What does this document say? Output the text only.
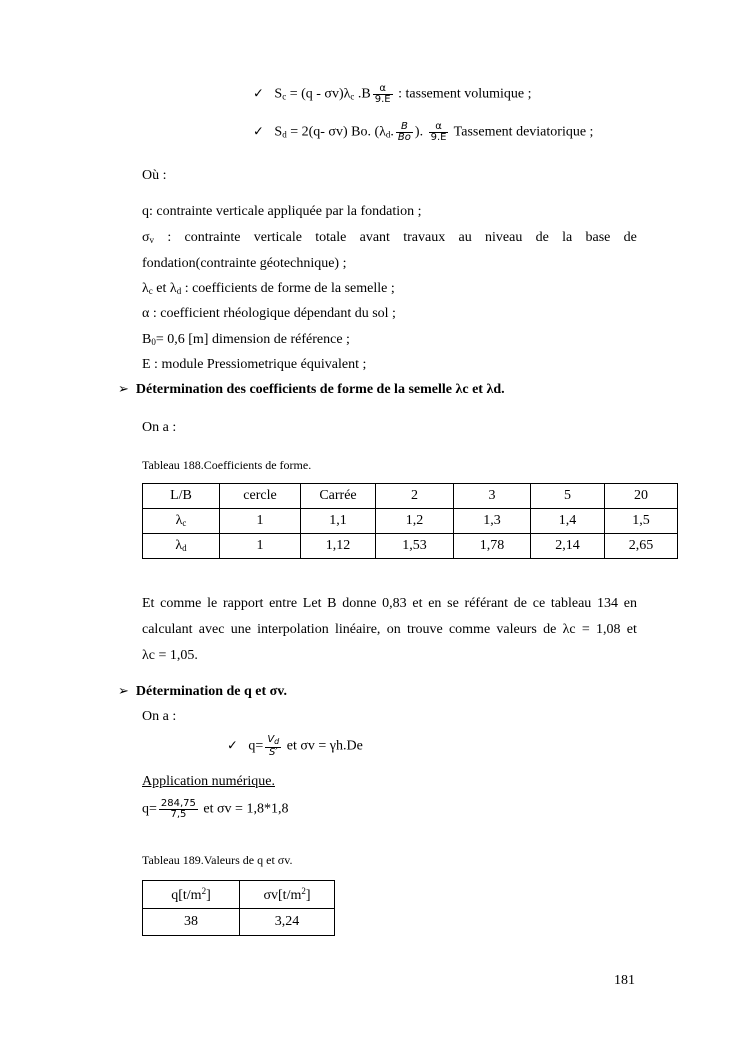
✓ $S_c = (q - \sigma v)\lambda_c$ $.B \frac{\alpha}{9.E}$ : tassement volumique ;
✓ $S_d = 2(q-$ σv) Bo. ($\lambda_d$. $\frac{B}{Bo}$ ). $\frac{\alpha}{9.E}$ Tassement deviatorique ;
Où :
q: contrainte verticale appliquée par la fondation ;
$\sigma_v$ : contrainte verticale totale avant travaux au niveau de la base de
fondation(contrainte géotechnique) ;
$\lambda_c$ et $\lambda_d$ : coefficients de forme de la semelle ;
α : coefficient rhéologique dépendant du sol ;
$B_0= 0,6$ [m] dimension de référence ;
E : module Pressiometrique équivalent ;
➢ Détermination des coefficients de forme de la semelle λc et λd.
On a :
Tableau 188.Coefficients de forme.
L/B	cercle	Carrée	2	3	5	20
$\lambda_c$	1	1,1	1,2	1,3	1,4	1,5
$\lambda_d$	1	1,12	1,53	1,78	2,14	2,65
Et comme le rapport entre Let B donne 0,83 et en se référant de ce tableau 134 en
calculant avec une interpolation linéaire, on trouve comme valeurs de λc = 1,08 et
λc = 1,05.
➢ Détermination de q et σv.
On a :
✓ $q= \frac{V_d}{S'}$ et σv = γh.De
Application numérique.
$q= \frac{284,75}{7,5}$ et σv = 1,8*1,8
Tableau 189.Valeurs de q et σv.
$q[t/m^2]$	$\sigma v[t/m^2]$
38	3,24
181
